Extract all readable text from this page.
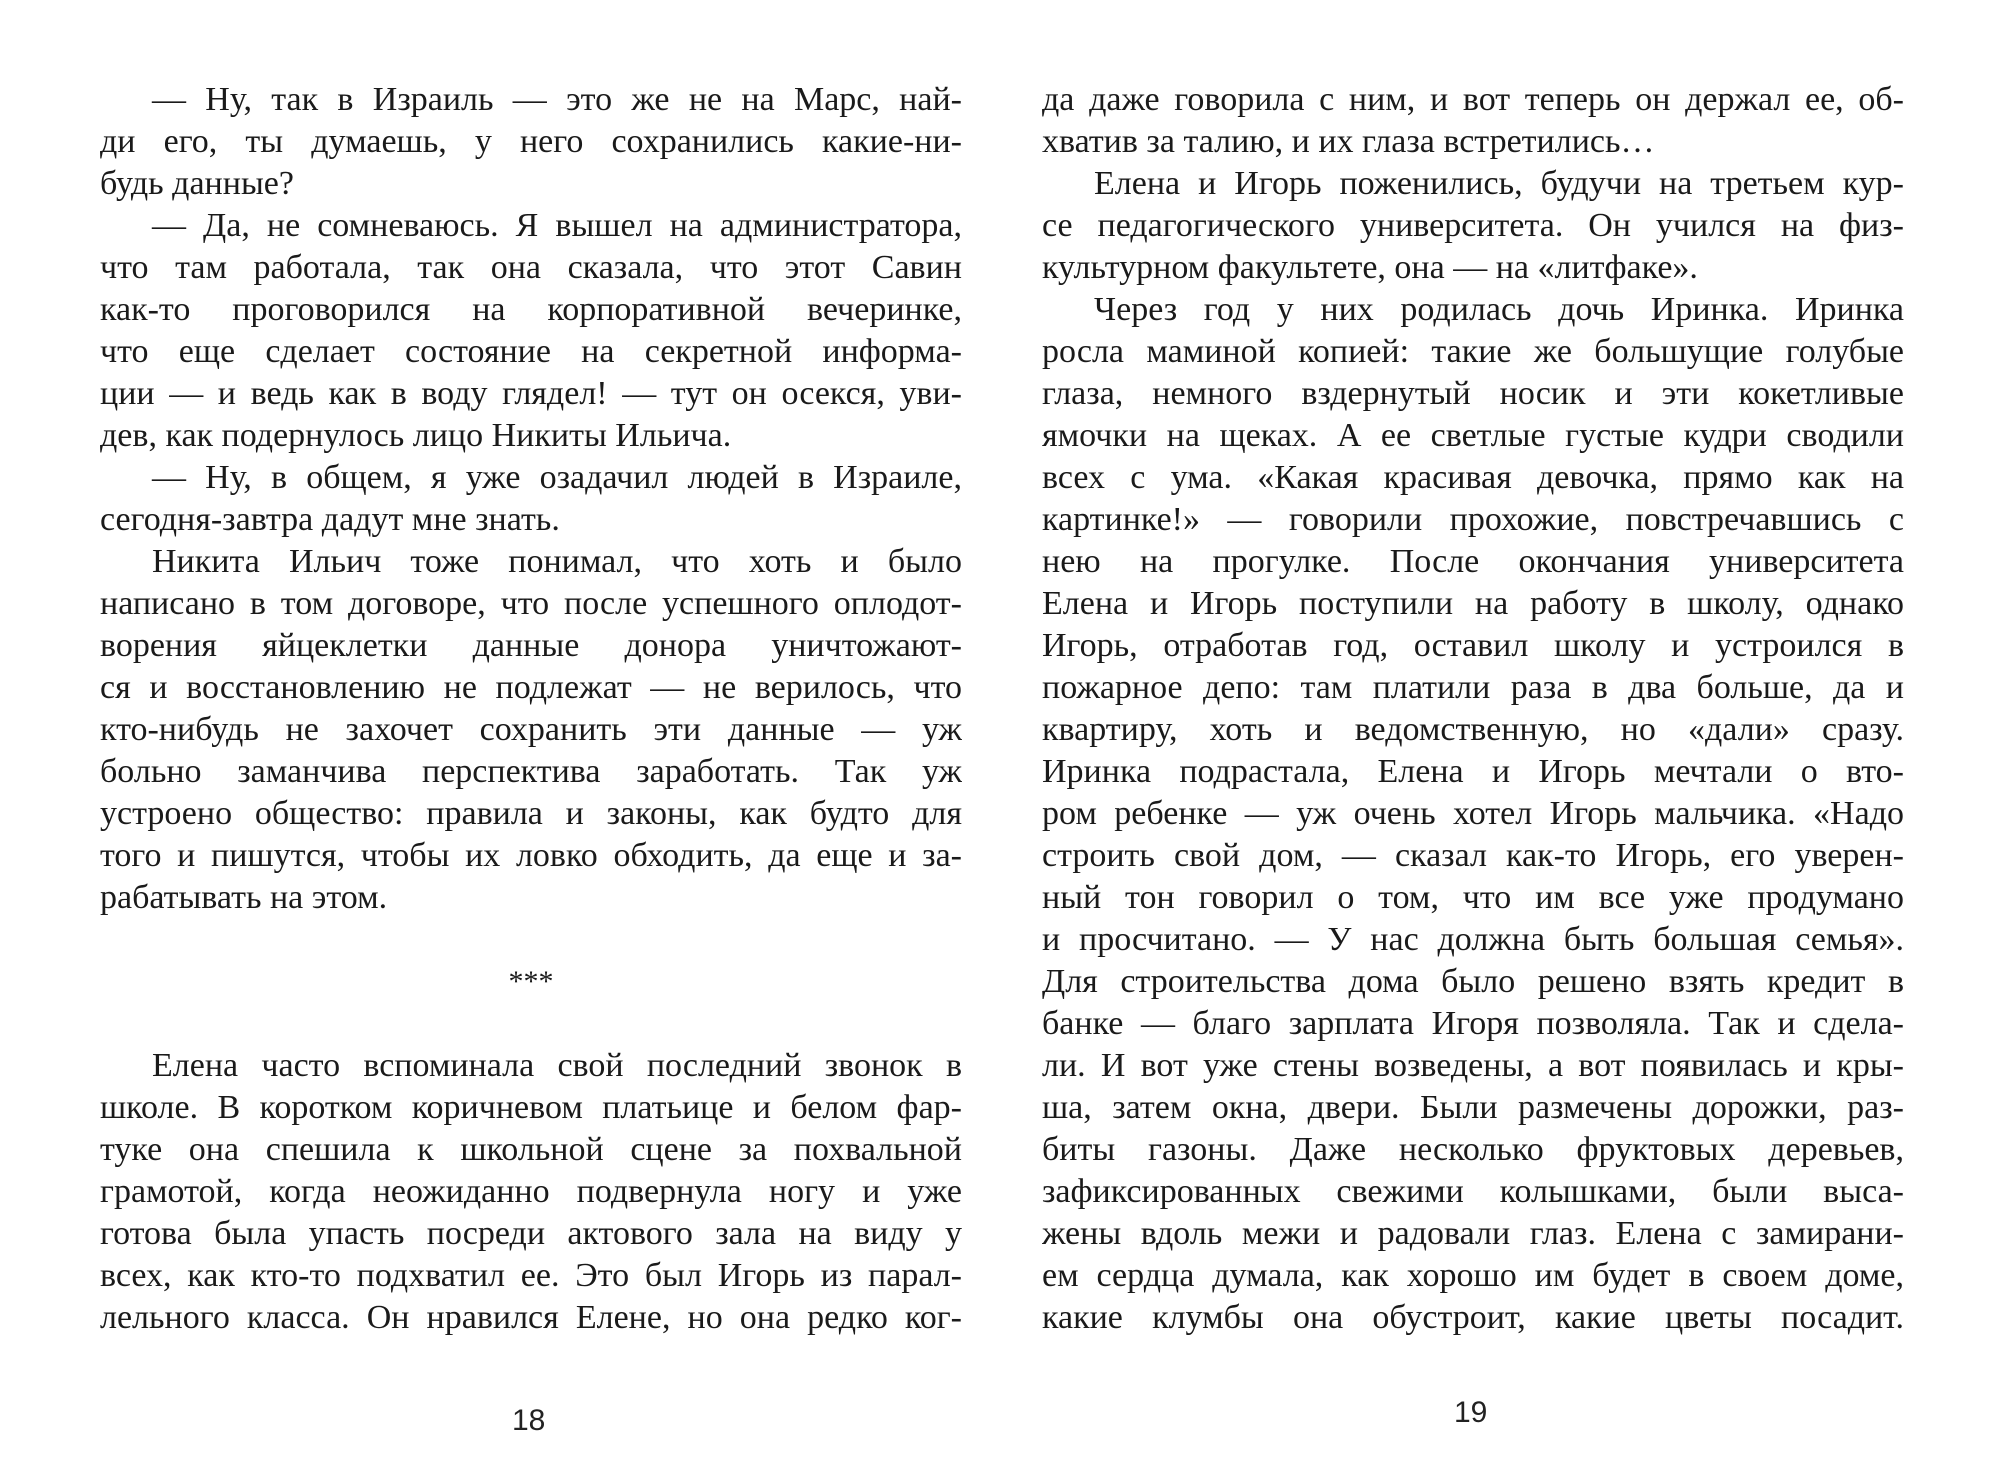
— Ну, так в Израиль — это же не на Марс, най-
ди его, ты думаешь, у него сохранились какие-ни-
будь данные?
— Да, не сомневаюсь. Я вышел на администратора,
что там работала, так она сказала, что этот Савин
как-то проговорился на корпоративной вечеринке,
что еще сделает состояние на секретной информа-
ции — и ведь как в воду глядел! — тут он осекся, уви-
дев, как подернулось лицо Никиты Ильича.
— Ну, в общем, я уже озадачил людей в Израиле,
сегодня-завтра дадут мне знать.
Никита Ильич тоже понимал, что хоть и было
написано в том договоре, что после успешного оплодот-
ворения яйцеклетки данные донора уничтожают-
ся и восстановлению не подлежат — не верилось, что
кто-нибудь не захочет сохранить эти данные — уж
больно заманчива перспектива заработать. Так уж
устроено общество: правила и законы, как будто для
того и пишутся, чтобы их ловко обходить, да еще и за-
рабатывать на этом.
***
Елена часто вспоминала свой последний звонок в
школе. В коротком коричневом платьице и белом фар-
туке она спешила к школьной сцене за похвальной
грамотой, когда неожиданно подвернула ногу и уже
готова была упасть посреди актового зала на виду у
всех, как кто-то подхватил ее. Это был Игорь из парал-
лельного класса. Он нравился Елене, но она редко ког-
18
да даже говорила с ним, и вот теперь он держал ее, об-
хватив за талию, и их глаза встретились…
Елена и Игорь поженились, будучи на третьем кур-
се педагогического университета. Он учился на физ-
культурном факультете, она — на «литфаке».
Через год у них родилась дочь Иринка. Иринка
росла маминой копией: такие же большущие голубые
глаза, немного вздернутый носик и эти кокетливые
ямочки на щеках. А ее светлые густые кудри сводили
всех с ума. «Какая красивая девочка, прямо как на
картинке!» — говорили прохожие, повстречавшись с
нею на прогулке. После окончания университета
Елена и Игорь поступили на работу в школу, однако
Игорь, отработав год, оставил школу и устроился в
пожарное депо: там платили раза в два больше, да и
квартиру, хоть и ведомственную, но «дали» сразу.
Иринка подрастала, Елена и Игорь мечтали о вто-
ром ребенке — уж очень хотел Игорь мальчика. «Надо
строить свой дом, — сказал как-то Игорь, его уверен-
ный тон говорил о том, что им все уже продумано
и просчитано. — У нас должна быть большая семья».
Для строительства дома было решено взять кредит в
банке — благо зарплата Игоря позволяла. Так и сдела-
ли. И вот уже стены возведены, а вот появилась и кры-
ша, затем окна, двери. Были размечены дорожки, раз-
биты газоны. Даже несколько фруктовых деревьев,
зафиксированных свежими колышками, были выса-
жены вдоль межи и радовали глаз. Елена с замирани-
ем сердца думала, как хорошо им будет в своем доме,
какие клумбы она обустроит, какие цветы посадит.
19
